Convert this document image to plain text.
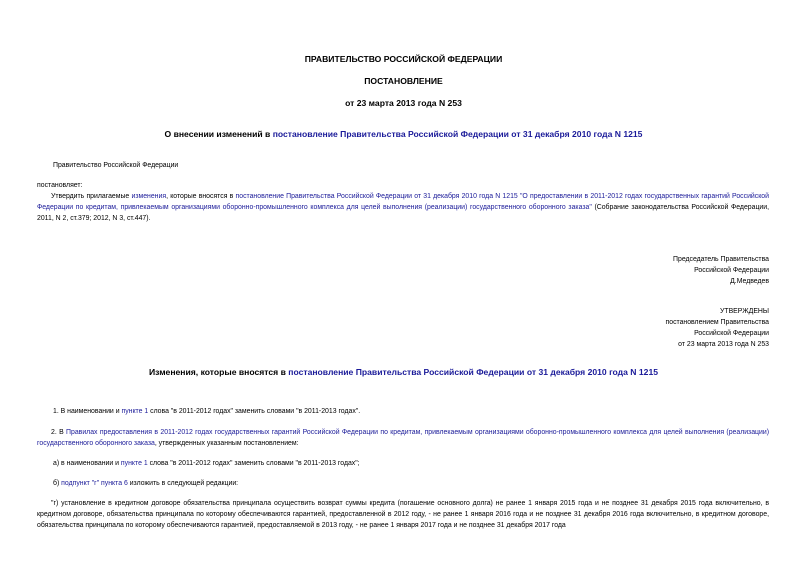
ПРАВИТЕЛЬСТВО РОССИЙСКОЙ ФЕДЕРАЦИИ
ПОСТАНОВЛЕНИЕ
от 23 марта 2013 года N 253
О внесении изменений в постановление Правительства Российской Федерации от 31 декабря 2010 года N 1215
Правительство Российской Федерации
постановляет:

Утвердить прилагаемые изменения, которые вносятся в постановление Правительства Российской Федерации от 31 декабря 2010 года N 1215 "О предоставлении в 2011-2012 годах государственных гарантий Российской Федерации по кредитам, привлекаемым организациями оборонно-промышленного комплекса для целей выполнения (реализации) государственного оборонного заказа" (Собрание законодательства Российской Федерации, 2011, N 2, ст.379; 2012, N 3, ст.447).

Председатель Правительства
Российской Федерации
Д.Медведев
УТВЕРЖДЕНЫ
постановлением Правительства
Российской Федерации
от 23 марта 2013 года N 253
Изменения, которые вносятся в постановление Правительства Российской Федерации от 31 декабря 2010 года N 1215
1. В наименовании и пункте 1 слова "в 2011-2012 годах" заменить словами "в 2011-2013 годах".

2. В Правилах предоставления в 2011-2012 годах государственных гарантий Российской Федерации по кредитам, привлекаемым организациями оборонно-промышленного комплекса для целей выполнения (реализации) государственного оборонного заказа, утвержденных указанным постановлением:

а) в наименовании и пункте 1 слова "в 2011-2012 годах" заменить словами "в 2011-2013 годах";
б) подпункт "г" пункта 6 изложить в следующей редакции:

"г) установление в кредитном договоре обязательства принципала осуществить возврат суммы кредита (погашение основного долга) не ранее 1 января 2015 года и не позднее 31 декабря 2015 года включительно, в кредитном договоре, обязательства принципала по которому обеспечиваются гарантией, предоставленной в 2012 году, - не ранее 1 января 2016 года и не позднее 31 декабря 2016 года включительно, в кредитном договоре, обязательства принципала по которому обеспечиваются гарантией, предоставляемой в 2013 году, - не ранее 1 января 2017 года и не позднее 31 декабря 2017 года
